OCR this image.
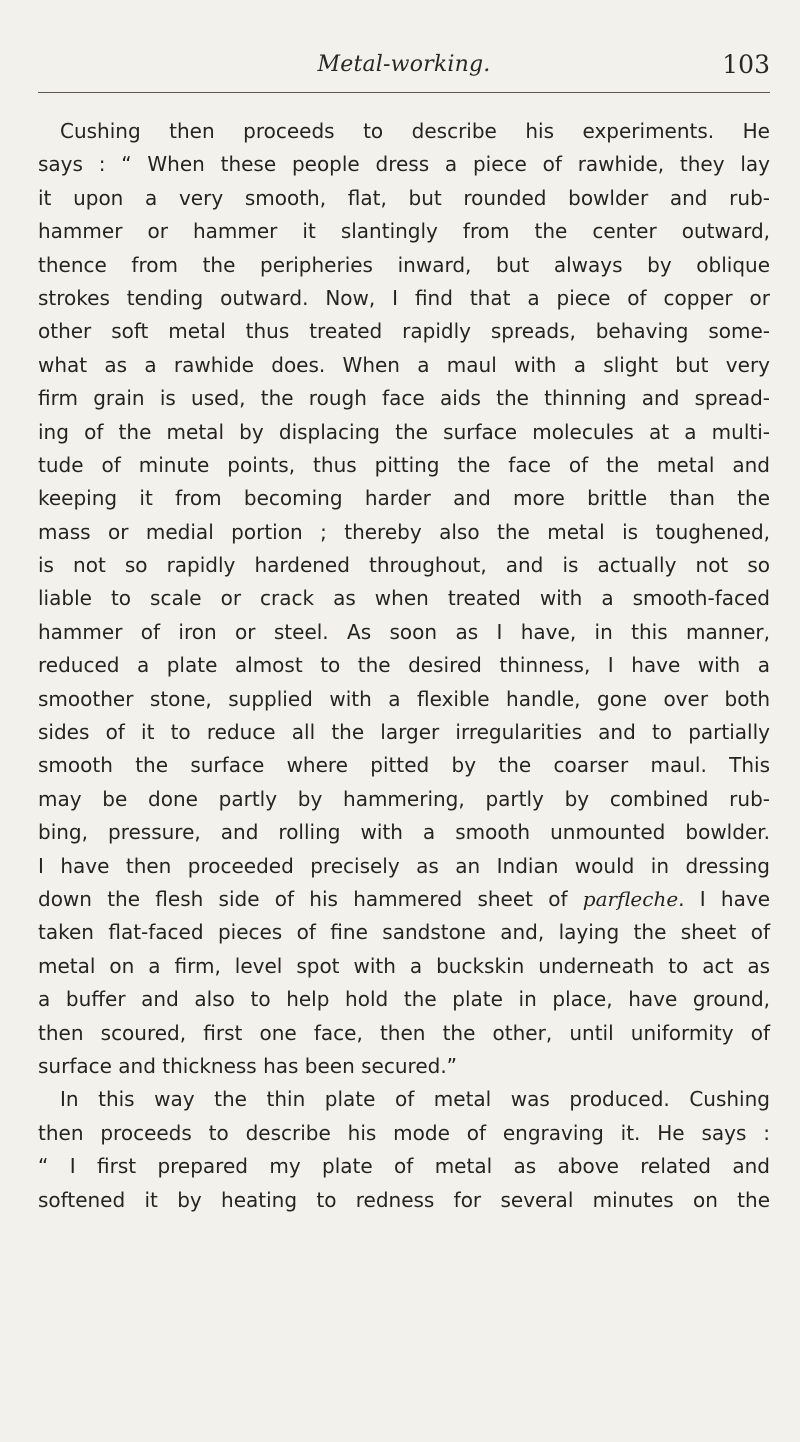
Metal-working.	103
Cushing then proceeds to describe his experiments. He
says : “ When these people dress a piece of rawhide, they lay
it upon a very smooth, flat, but rounded bowlder and rub-
hammer or hammer it slantingly from the center outward,
thence from the peripheries inward, but always by oblique
strokes tending outward. Now, I find that a piece of copper or
other soft metal thus treated rapidly spreads, behaving some-
what as a rawhide does. When a maul with a slight but very
firm grain is used, the rough face aids the thinning and spread-
ing of the metal by displacing the surface molecules at a multi-
tude of minute points, thus pitting the face of the metal and
keeping it from becoming harder and more brittle than the
mass or medial portion ; thereby also the metal is toughened,
is not so rapidly hardened throughout, and is actually not so
liable to scale or crack as when treated with a smooth-faced
hammer of iron or steel. As soon as I have, in this manner,
reduced a plate almost to the desired thinness, I have with a
smoother stone, supplied with a flexible handle, gone over both
sides of it to reduce all the larger irregularities and to partially
smooth the surface where pitted by the coarser maul. This
may be done partly by hammering, partly by combined rub-
bing, pressure, and rolling with a smooth unmounted bowlder.
I have then proceeded precisely as an Indian would in dressing
down the flesh side of his hammered sheet of parfleche. I have
taken flat-faced pieces of fine sandstone and, laying the sheet of
metal on a firm, level spot with a buckskin underneath to act as
a buffer and also to help hold the plate in place, have ground,
then scoured, first one face, then the other, until uniformity of
surface and thickness has been secured.”
In this way the thin plate of metal was produced. Cushing
then proceeds to describe his mode of engraving it. He says :
“ I first prepared my plate of metal as above related and
softened it by heating to redness for several minutes on the
